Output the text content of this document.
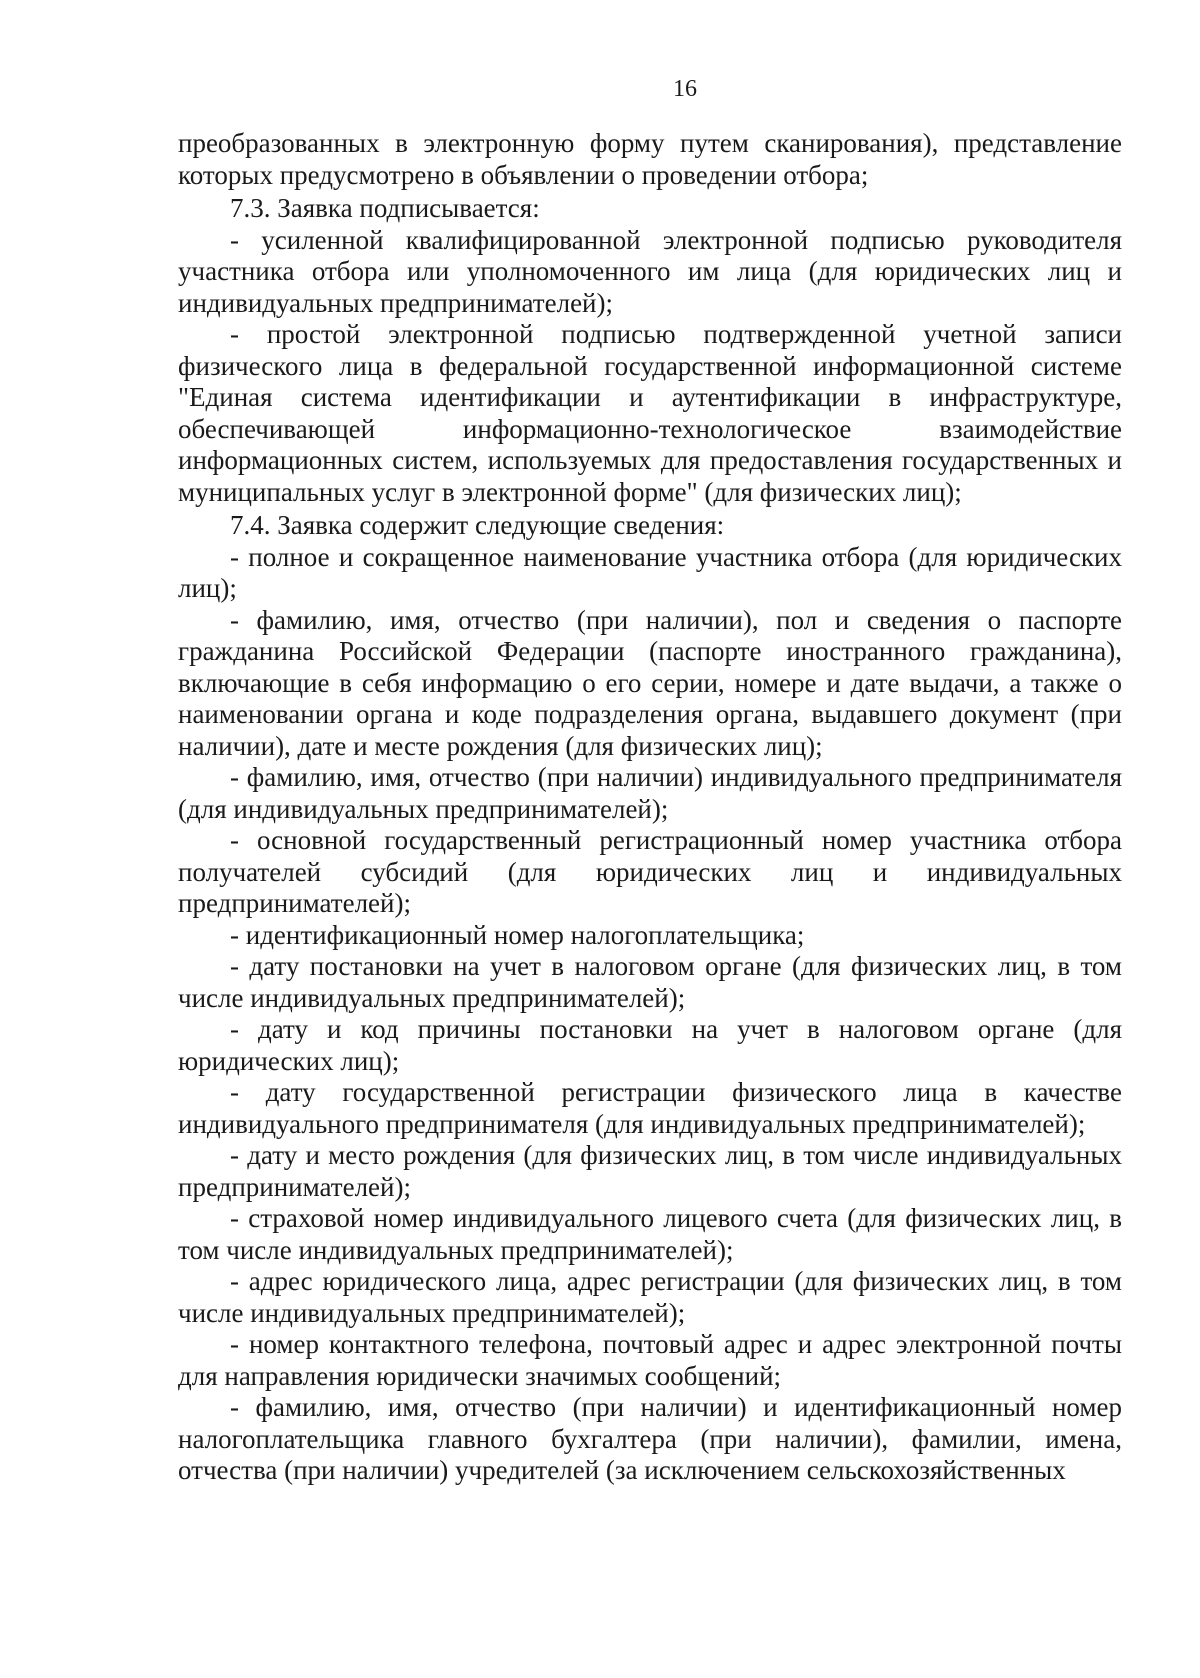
16

преобразованных в электронную форму путем сканирования), представление которых предусмотрено в объявлении о проведении отбора;

7.3. Заявка подписывается:

- усиленной квалифицированной электронной подписью руководителя участника отбора или уполномоченного им лица (для юридических лиц и индивидуальных предпринимателей);

- простой электронной подписью подтвержденной учетной записи физического лица в федеральной государственной информационной системе "Единая система идентификации и аутентификации в инфраструктуре, обеспечивающей информационно-технологическое взаимодействие информационных систем, используемых для предоставления государственных и муниципальных услуг в электронной форме" (для физических лиц);

7.4. Заявка содержит следующие сведения:

- полное и сокращенное наименование участника отбора (для юридических лиц);

- фамилию, имя, отчество (при наличии), пол и сведения о паспорте гражданина Российской Федерации (паспорте иностранного гражданина), включающие в себя информацию о его серии, номере и дате выдачи, а также о наименовании органа и коде подразделения органа, выдавшего документ (при наличии), дате и месте рождения (для физических лиц);

- фамилию, имя, отчество (при наличии) индивидуального предпринимателя (для индивидуальных предпринимателей);

- основной государственный регистрационный номер участника отбора получателей субсидий (для юридических лиц и индивидуальных предпринимателей);

- идентификационный номер налогоплательщика;

- дату постановки на учет в налоговом органе (для физических лиц, в том числе индивидуальных предпринимателей);

- дату и код причины постановки на учет в налоговом органе (для юридических лиц);

- дату государственной регистрации физического лица в качестве индивидуального предпринимателя (для индивидуальных предпринимателей);

- дату и место рождения (для физических лиц, в том числе индивидуальных предпринимателей);

- страховой номер индивидуального лицевого счета (для физических лиц, в том числе индивидуальных предпринимателей);

- адрес юридического лица, адрес регистрации (для физических лиц, в том числе индивидуальных предпринимателей);

- номер контактного телефона, почтовый адрес и адрес электронной почты для направления юридически значимых сообщений;

- фамилию, имя, отчество (при наличии) и идентификационный номер налогоплательщика главного бухгалтера (при наличии), фамилии, имена, отчества (при наличии) учредителей (за исключением сельскохозяйственных
